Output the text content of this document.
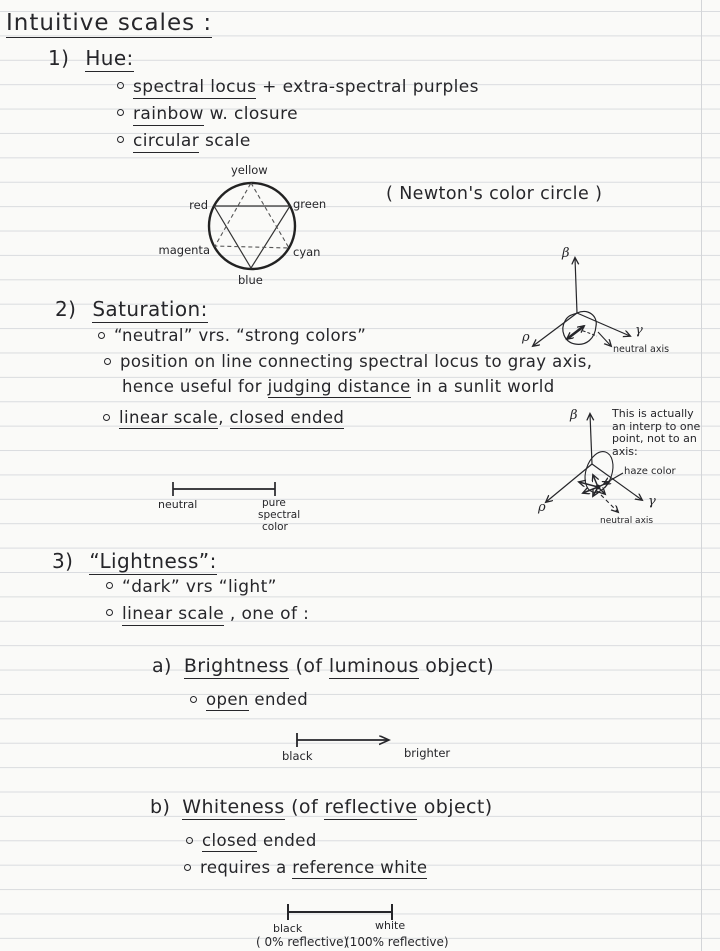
Intuitive scales :
1) Hue:
spectral locus + extra-spectral purples
rainbow w. closure
circular scale
yellow
red	green
magenta	cyan
blue
( Newton's color circle )
β
ρ	γ
neutral axis
2) Saturation:
“neutral” vrs. “strong colors”
position on line connecting spectral locus to gray axis,
hence useful for judging distance in a sunlit world
linear scale, closed ended	β
ρ	γ
neutral axis
haze color
This is actually
an interp to one
point, not to an
axis:
neutral	pure
spectral
color
3) “Lightness”:
“dark” vrs “light”
linear scale , one of :
a) Brightness (of luminous object)
open ended
black	brighter
b) Whiteness (of reflective object)
closed ended
requires a reference white
black	white
( 0% reflective)
(100% reflective)
